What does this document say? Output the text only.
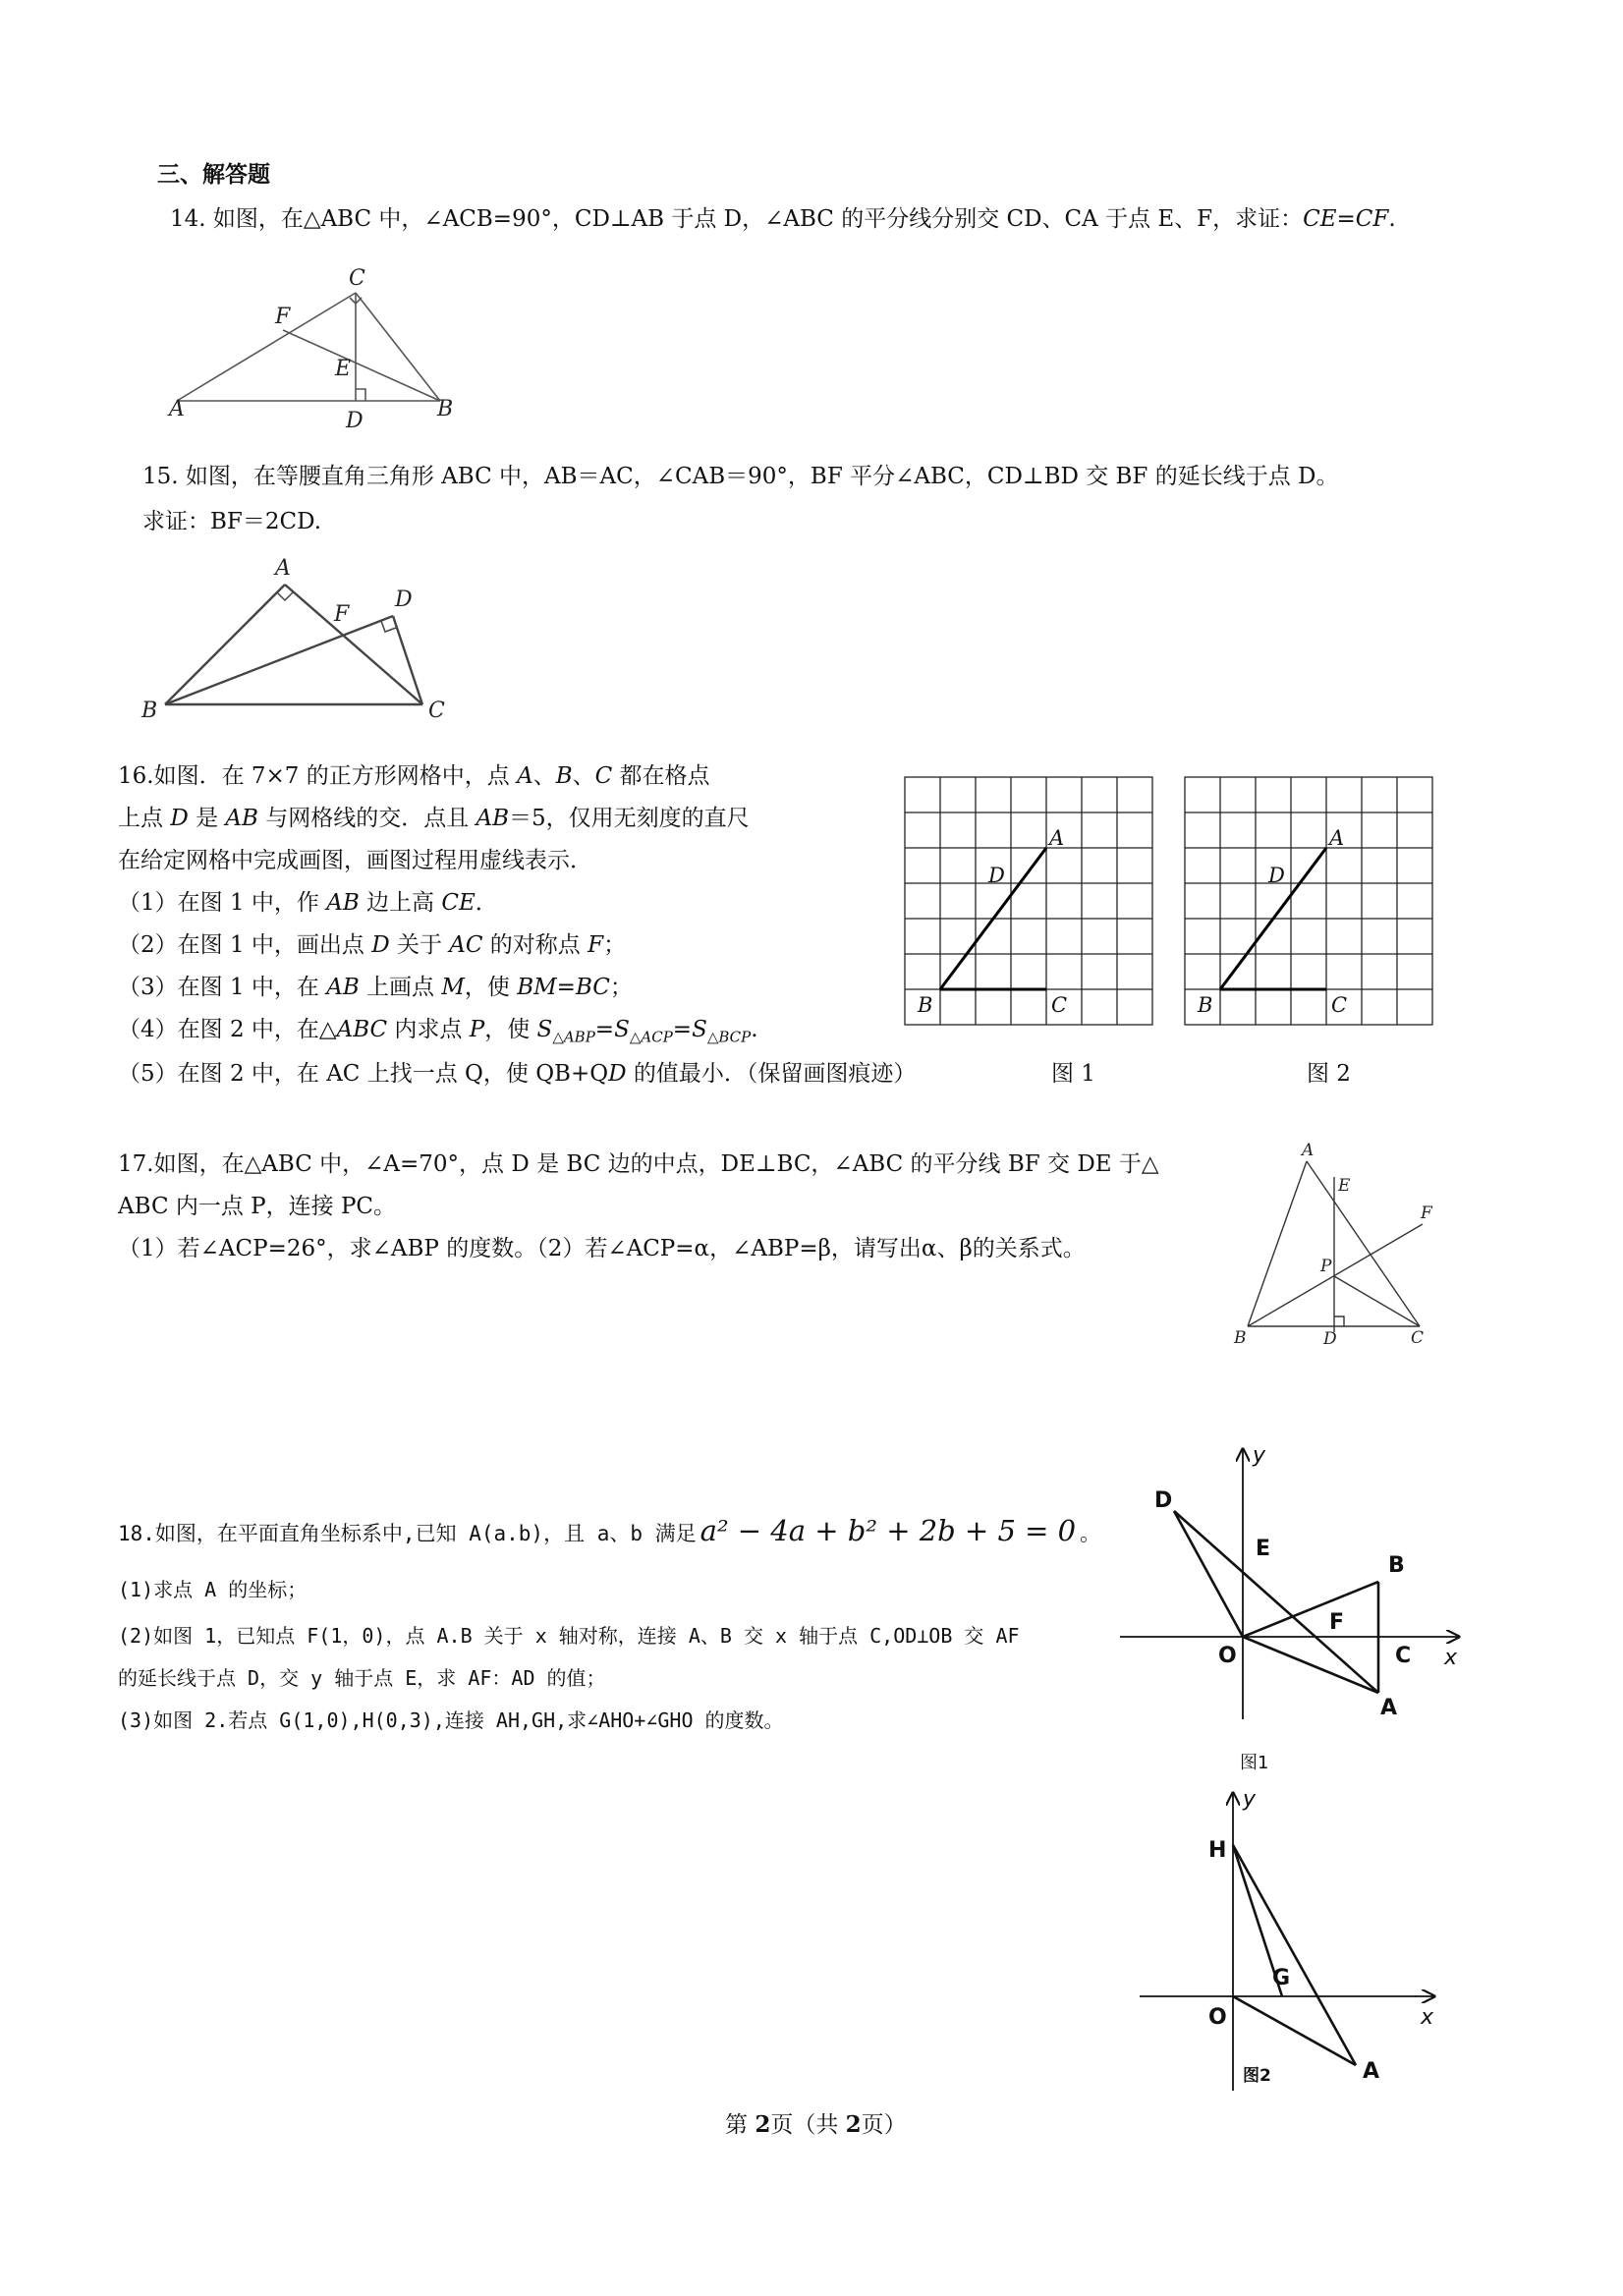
三、解答题
14. 如图，在△ABC 中，∠ACB=90°，CD⊥AB 于点 D，∠ABC 的平分线分别交 CD、CA 于点 E、F，求证：CE=CF.
A	B
C
D
E
F
15. 如图，在等腰直角三角形 ABC 中，AB＝AC，∠CAB＝90°，BF 平分∠ABC，CD⊥BD 交 BF 的延长线于点 D。
求证：BF＝2CD.
A
B	C
D
F
16.如图．在 7×7 的正方形网格中，点 A、B、C 都在格点
上点 D 是 AB 与网格线的交．点且 AB＝5，仅用无刻度的直尺
在给定网格中完成画图，画图过程用虚线表示．
（1）在图 1 中，作 AB 边上高 CE．
（2）在图 1 中，画出点 D 关于 AC 的对称点 F；
（3）在图 1 中，在 AB 上画点 M，使 BM=BC；
（4）在图 2 中，在△ABC 内求点 P，使 $S_{\triangle ABP}=S_{\triangle ACP}=S_{\triangle BCP}$.
（5）在图 2 中，在 AC 上找一点 Q，使 QB+QD 的值最小．（保留画图痕迹）
A
B	C
D
A
B	C
D
图 1	图 2
17.如图，在△ABC 中，∠A=70°，点 D 是 BC 边的中点，DE⊥BC，∠ABC 的平分线 BF 交 DE 于△
ABC 内一点 P，连接 PC。
（1）若∠ACP=26°，求∠ABP 的度数。（2）若∠ACP=α，∠ABP=β，请写出α、β的关系式。
A
B	C
D
E
F
P
18.如图，在平面直角坐标系中,已知 A(a.b)，且 a、b 满足 a² − 4a + b² + 2b + 5 = 0 。
(1)求点 A 的坐标；
(2)如图 1，已知点 F(1，0)，点 A.B 关于 x 轴对称，连接 A、B 交 x 轴于点 C,OD⊥OB 交 AF
的延长线于点 D，交 y 轴于点 E，求 AF：AD 的值；
(3)如图 2.若点 G(1,0),H(0,3),连接 AH,GH,求∠AHO+∠GHO 的度数。
y
x
D
E
B
F
O	C
A
图1
y
x
H
G
O
A
图2
第 2页（共 2页）
